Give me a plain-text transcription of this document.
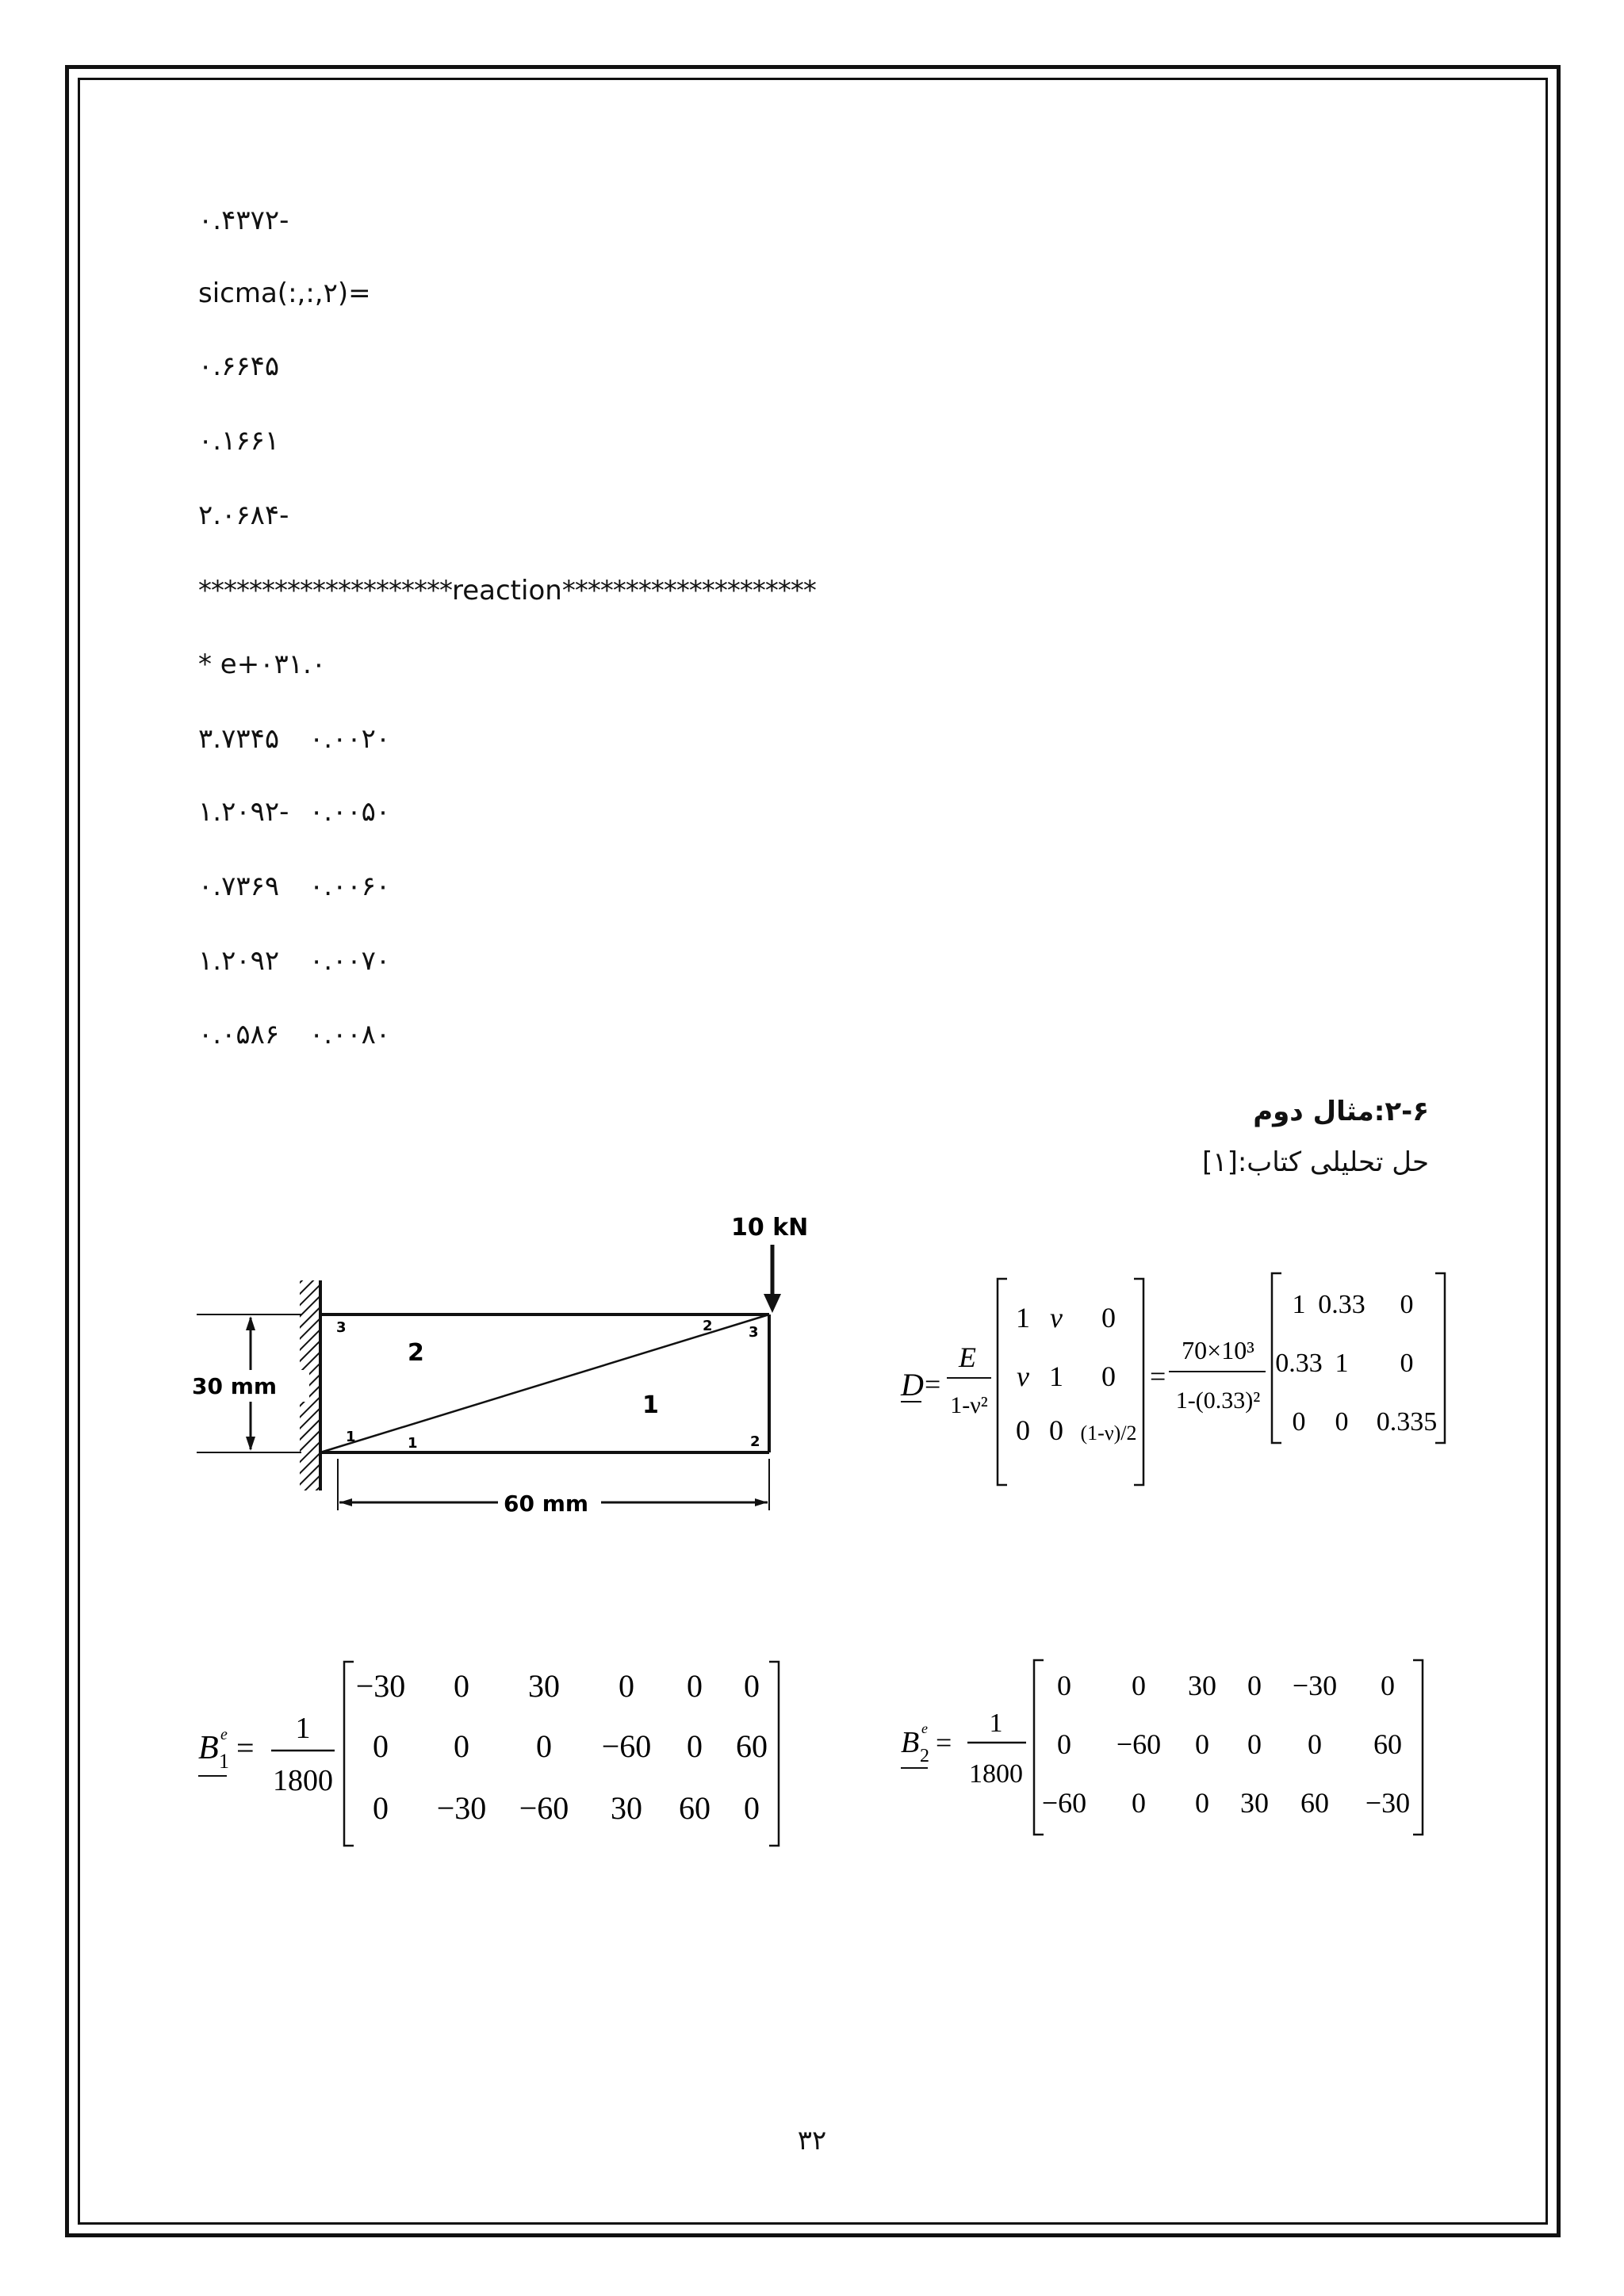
۰.۴۳۷۲-
sicma(:,:,۲)=
۰.۶۶۴۵
۰.۱۶۶۱
۲.۰۶۸۴-
********************reaction********************
* e+۰۳۱.۰
۳.۷۳۴۵ ۰.۰۰۲۰
۱.۲۰۹۲- ۰.۰۰۵۰
۰.۷۳۶۹ ۰.۰۰۶۰
۱.۲۰۹۲ ۰.۰۰۷۰
۰.۰۵۸۶ ۰.۰۰۸۰
۲-۶:مثال دوم
حل تحلیلی کتاب:[۱]
10 kN
30 mm
60 mm
1
2
3	2	3
1	1	2
D =
E
1-ν²
1 ν 0
ν 1 0
0 0 (1-ν)/2
=
70×10³
1-(0.33)²
1 0.33 0
0.33 1 0
0 0 0.335
B 1
e =
1
1800
−30 0 30 0 0 0
0 0 0 −60 0 60
0 −30 −60 30 60 0
B 2
e =
1
1800
0 0 30 0 −30 0
0 −60 0 0 0 60
−60 0 0 30 60 −30
۳۲
